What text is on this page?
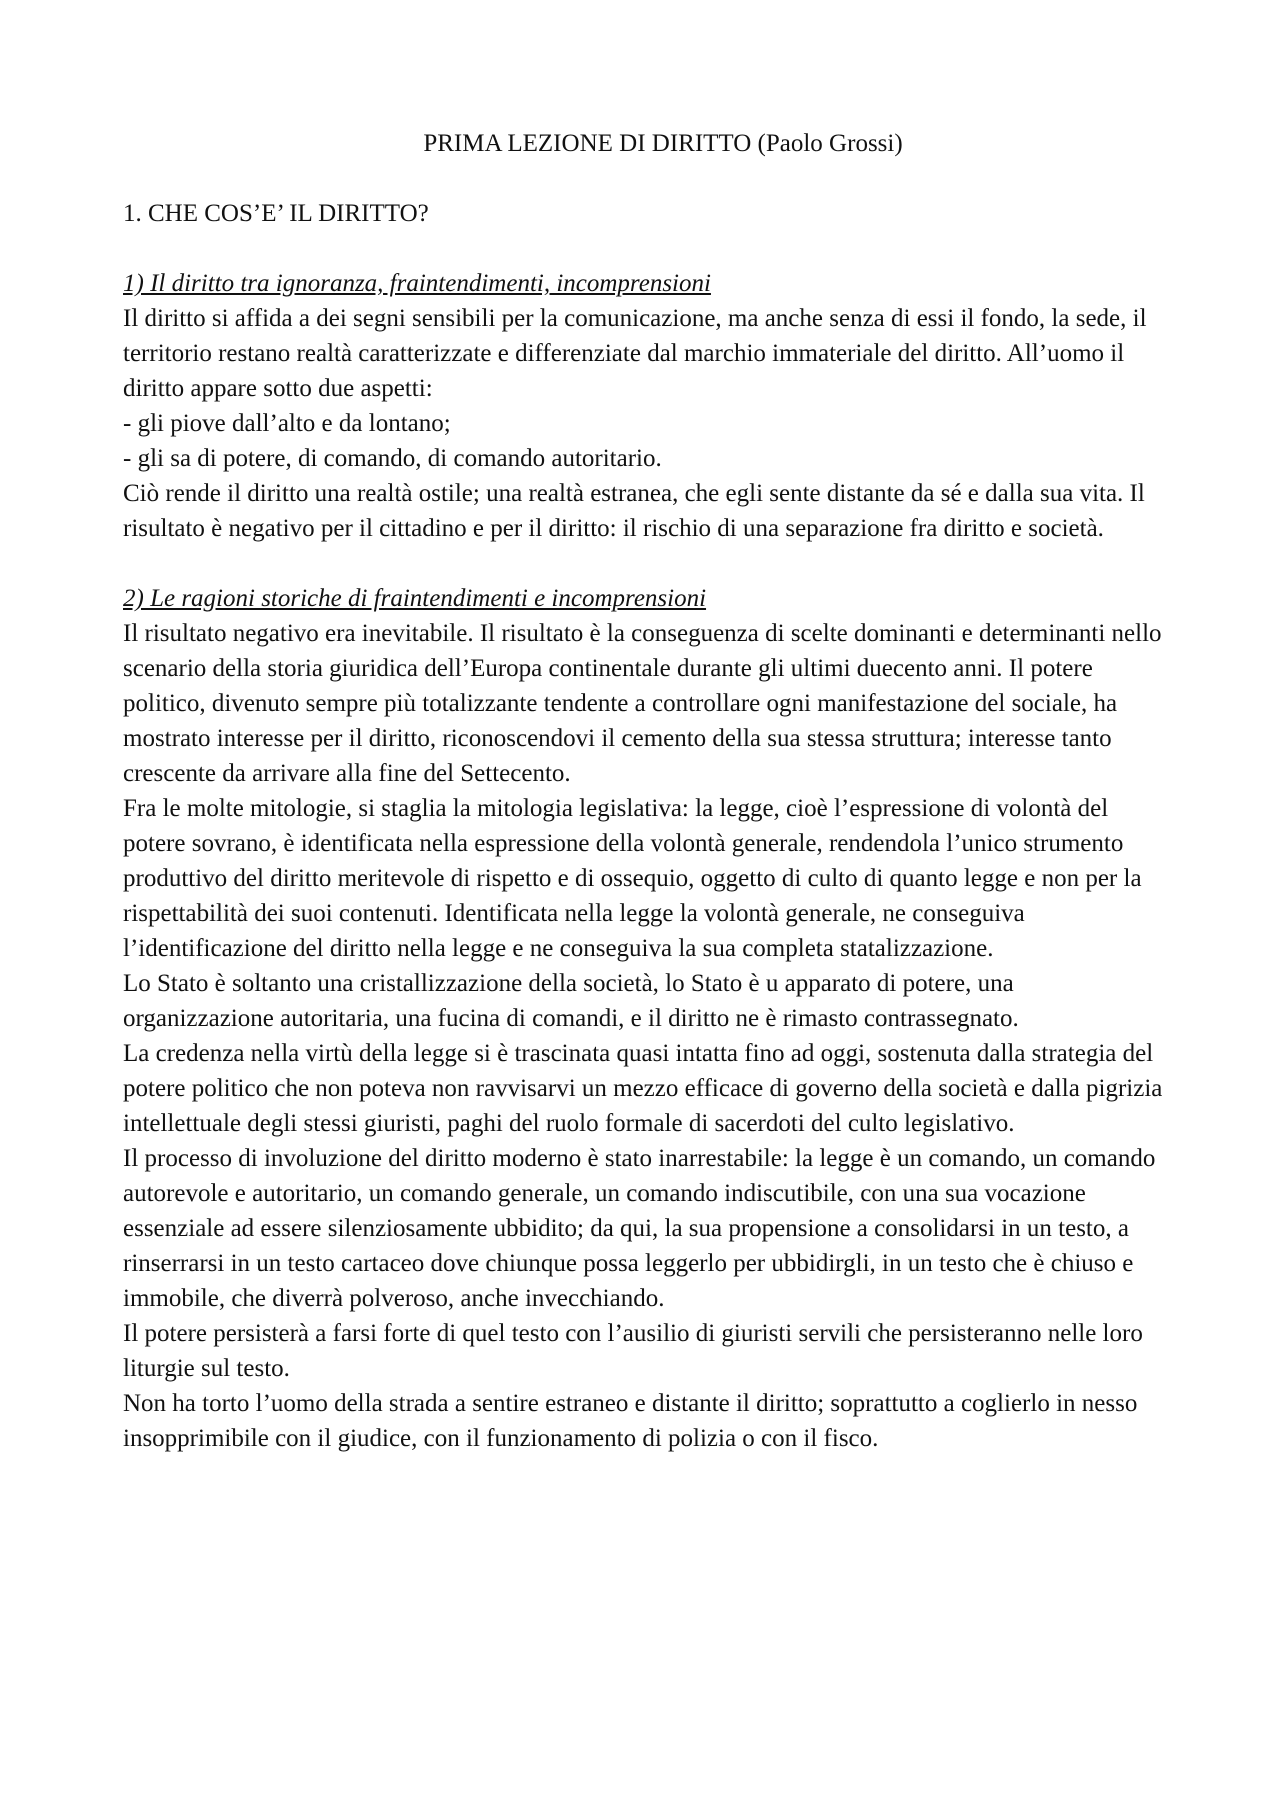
PRIMA LEZIONE DI DIRITTO (Paolo Grossi)
1. CHE COS’E’ IL DIRITTO?
1) Il diritto tra ignoranza, fraintendimenti, incomprensioni

Il diritto si affida a dei segni sensibili per la comunicazione, ma anche senza di essi il fondo, la sede, il territorio restano realtà caratterizzate e differenziate dal marchio immateriale del diritto. All’uomo il diritto appare sotto due aspetti:

- gli piove dall’alto e da lontano;

- gli sa di potere, di comando, di comando autoritario.

Ciò rende il diritto una realtà ostile; una realtà estranea, che egli sente distante da sé e dalla sua vita. Il risultato è negativo per il cittadino e per il diritto: il rischio di una separazione fra diritto e società.

2) Le ragioni storiche di fraintendimenti e incomprensioni

Il risultato negativo era inevitabile. Il risultato è la conseguenza di scelte dominanti e determinanti nello scenario della storia giuridica dell’Europa continentale durante gli ultimi duecento anni. Il potere politico, divenuto sempre più totalizzante tendente a controllare ogni manifestazione del sociale, ha mostrato interesse per il diritto, riconoscendovi il cemento della sua stessa struttura; interesse tanto crescente da arrivare alla fine del Settecento.

Fra le molte mitologie, si staglia la mitologia legislativa: la legge, cioè l’espressione di volontà del potere sovrano, è identificata nella espressione della volontà generale, rendendola l’unico strumento produttivo del diritto meritevole di rispetto e di ossequio, oggetto di culto di quanto legge e non per la rispettabilità dei suoi contenuti. Identificata nella legge la volontà generale, ne conseguiva l’identificazione del diritto nella legge e ne conseguiva la sua completa statalizzazione.

Lo Stato è soltanto una cristallizzazione della società, lo Stato è u apparato di potere, una organizzazione autoritaria, una fucina di comandi, e il diritto ne è rimasto contrassegnato.

La credenza nella virtù della legge si è trascinata quasi intatta fino ad oggi, sostenuta dalla strategia del potere politico che non poteva non ravvisarvi un mezzo efficace di governo della società e dalla pigrizia intellettuale degli stessi giuristi, paghi del ruolo formale di sacerdoti del culto legislativo.

Il processo di involuzione del diritto moderno è stato inarrestabile: la legge è un comando, un comando autorevole e autoritario, un comando generale, un comando indiscutibile, con una sua vocazione essenziale ad essere silenziosamente ubbidito; da qui, la sua propensione a consolidarsi in un testo, a rinserrarsi in un testo cartaceo dove chiunque possa leggerlo per ubbidirgli, in un testo che è chiuso e immobile, che diverrà polveroso, anche invecchiando.

Il potere persisterà a farsi forte di quel testo con l’ausilio di giuristi servili che persisteranno nelle loro liturgie sul testo.

Non ha torto l’uomo della strada a sentire estraneo e distante il diritto; soprattutto a coglierlo in nesso insopprimibile con il giudice, con il funzionamento di polizia o con il fisco.
